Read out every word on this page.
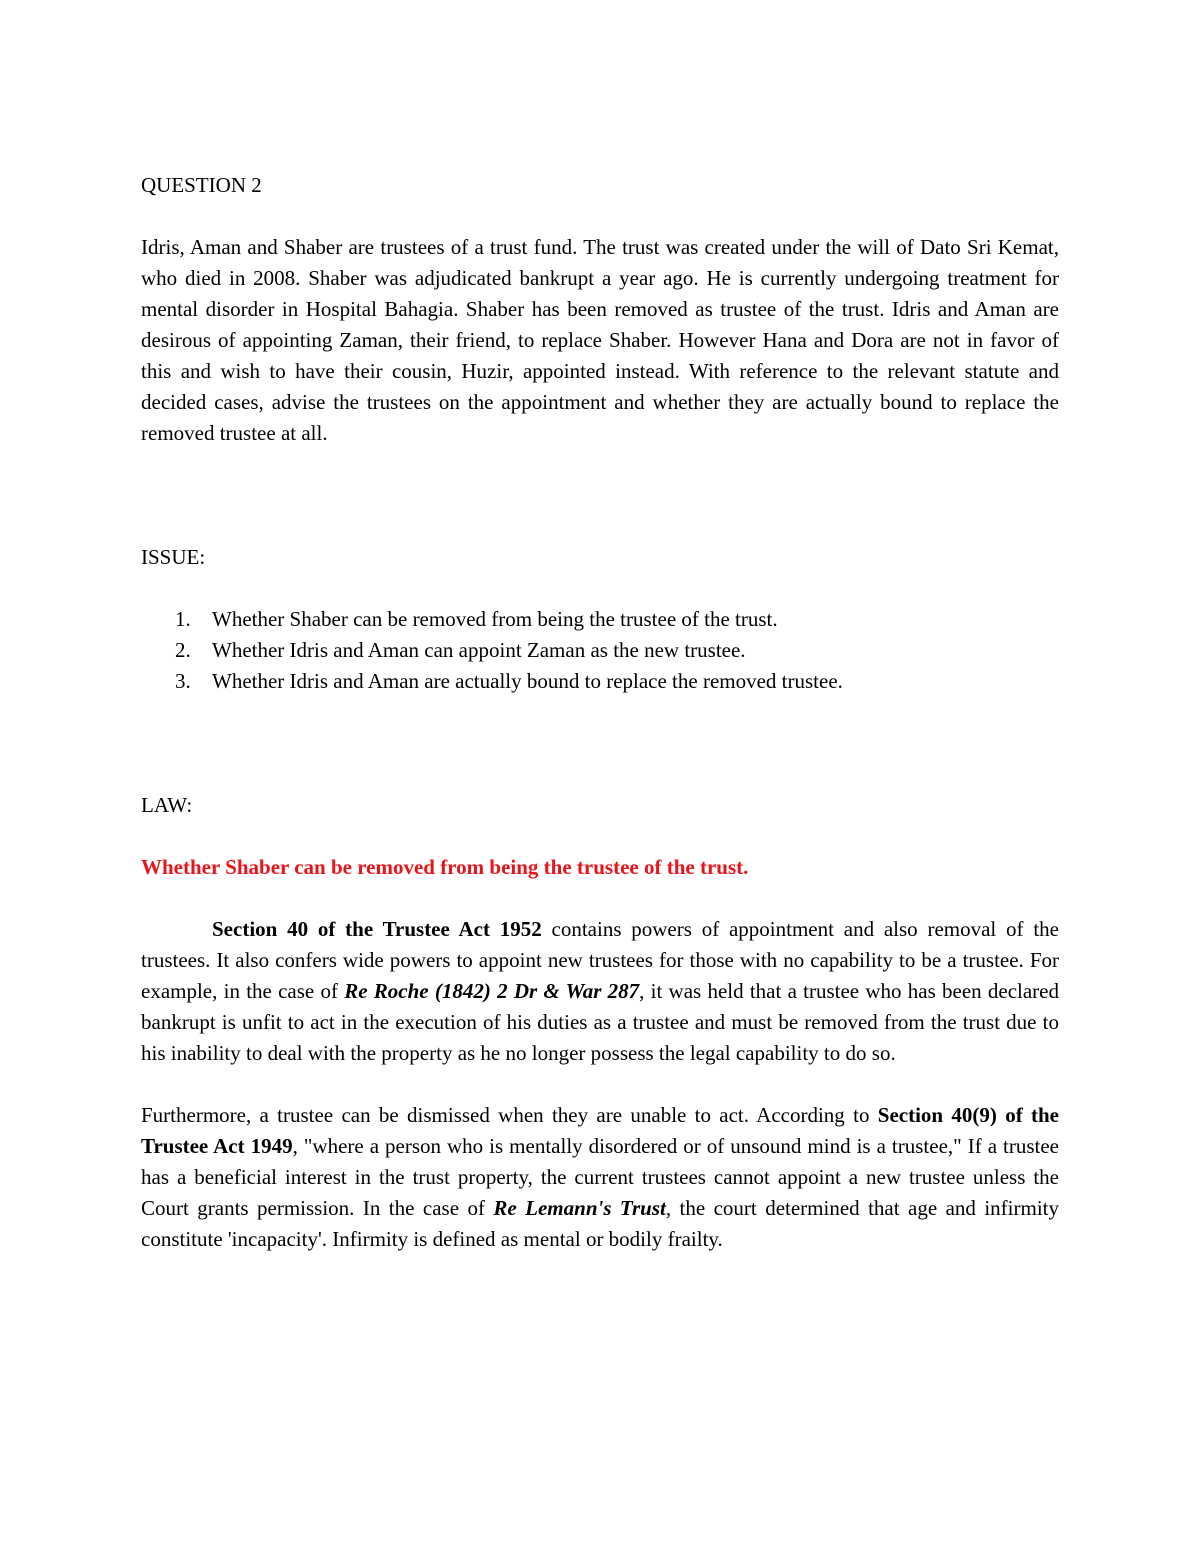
QUESTION 2

Idris, Aman and Shaber are trustees of a trust fund. The trust was created under the will of Dato Sri Kemat, who died in 2008. Shaber was adjudicated bankrupt a year ago. He is currently undergoing treatment for mental disorder in Hospital Bahagia. Shaber has been removed as trustee of the trust. Idris and Aman are desirous of appointing Zaman, their friend, to replace Shaber. However Hana and Dora are not in favor of this and wish to have their cousin, Huzir, appointed instead. With reference to the relevant statute and decided cases, advise the trustees on the appointment and whether they are actually bound to replace the removed trustee at all.

ISSUE:

1. Whether Shaber can be removed from being the trustee of the trust.
2. Whether Idris and Aman can appoint Zaman as the new trustee.
3. Whether Idris and Aman are actually bound to replace the removed trustee.

LAW:

Whether Shaber can be removed from being the trustee of the trust.

Section 40 of the Trustee Act 1952 contains powers of appointment and also removal of the trustees. It also confers wide powers to appoint new trustees for those with no capability to be a trustee. For example, in the case of Re Roche (1842) 2 Dr & War 287, it was held that a trustee who has been declared bankrupt is unfit to act in the execution of his duties as a trustee and must be removed from the trust due to his inability to deal with the property as he no longer possess the legal capability to do so.

Furthermore, a trustee can be dismissed when they are unable to act. According to Section 40(9) of the Trustee Act 1949, "where a person who is mentally disordered or of unsound mind is a trustee," If a trustee has a beneficial interest in the trust property, the current trustees cannot appoint a new trustee unless the Court grants permission. In the case of Re Lemann's Trust, the court determined that age and infirmity constitute 'incapacity'. Infirmity is defined as mental or bodily frailty.
